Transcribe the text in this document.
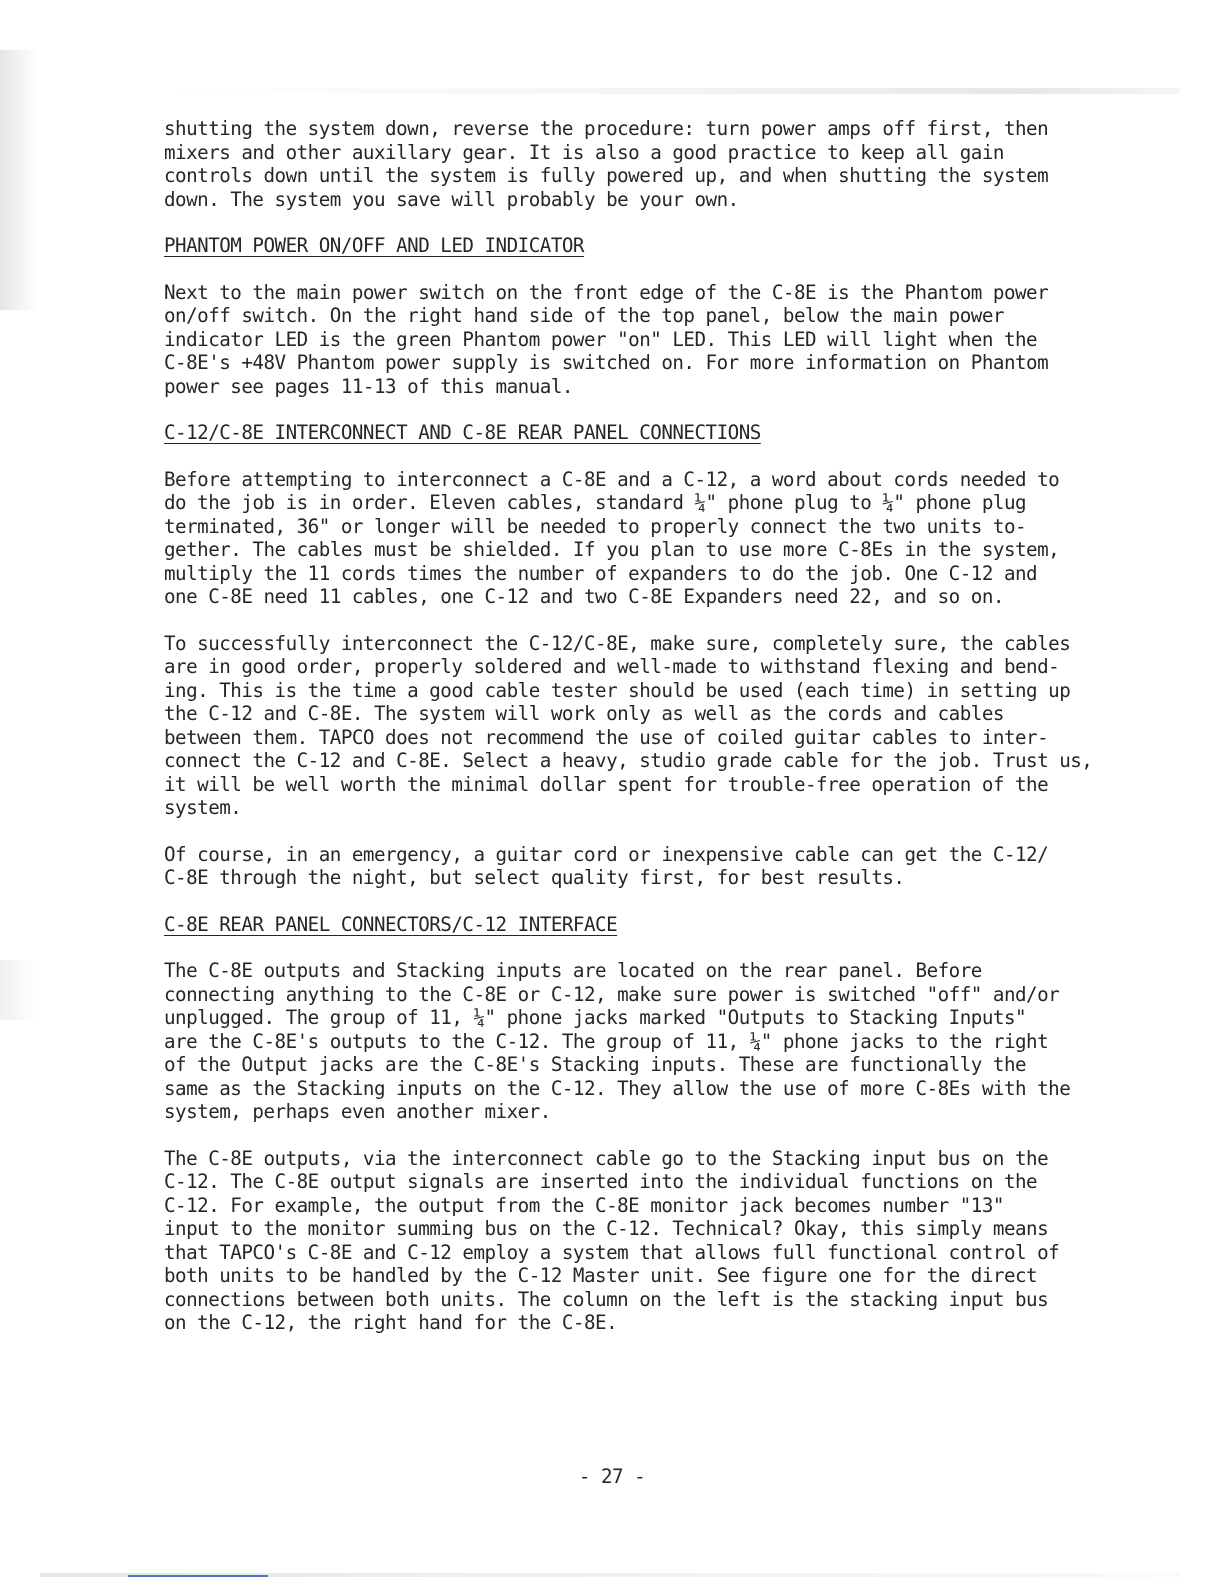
shutting the system down, reverse the procedure: turn power amps off first, then
mixers and other auxillary gear. It is also a good practice to keep all gain
controls down until the system is fully powered up, and when shutting the system
down. The system you save will probably be your own.

PHANTOM POWER ON/OFF AND LED INDICATOR

Next to the main power switch on the front edge of the C-8E is the Phantom power
on/off switch. On the right hand side of the top panel, below the main power
indicator LED is the green Phantom power "on" LED. This LED will light when the
C-8E's +48V Phantom power supply is switched on. For more information on Phantom
power see pages 11-13 of this manual.

C-12/C-8E INTERCONNECT AND C-8E REAR PANEL CONNECTIONS

Before attempting to interconnect a C-8E and a C-12, a word about cords needed to
do the job is in order. Eleven cables, standard ¼" phone plug to ¼" phone plug
terminated, 36" or longer will be needed to properly connect the two units to-
gether. The cables must be shielded. If you plan to use more C-8Es in the system,
multiply the 11 cords times the number of expanders to do the job. One C-12 and
one C-8E need 11 cables, one C-12 and two C-8E Expanders need 22, and so on.

To successfully interconnect the C-12/C-8E, make sure, completely sure, the cables
are in good order, properly soldered and well-made to withstand flexing and bend-
ing. This is the time a good cable tester should be used (each time) in setting up
the C-12 and C-8E. The system will work only as well as the cords and cables
between them. TAPCO does not recommend the use of coiled guitar cables to inter-
connect the C-12 and C-8E. Select a heavy, studio grade cable for the job. Trust us,
it will be well worth the minimal dollar spent for trouble-free operation of the
system.

Of course, in an emergency, a guitar cord or inexpensive cable can get the C-12/
C-8E through the night, but select quality first, for best results.

C-8E REAR PANEL CONNECTORS/C-12 INTERFACE

The C-8E outputs and Stacking inputs are located on the rear panel. Before
connecting anything to the C-8E or C-12, make sure power is switched "off" and/or
unplugged. The group of 11, ¼" phone jacks marked "Outputs to Stacking Inputs"
are the C-8E's outputs to the C-12. The group of 11, ¼" phone jacks to the right
of the Output jacks are the C-8E's Stacking inputs. These are functionally the
same as the Stacking inputs on the C-12. They allow the use of more C-8Es with the
system, perhaps even another mixer.

The C-8E outputs, via the interconnect cable go to the Stacking input bus on the
C-12. The C-8E output signals are inserted into the individual functions on the
C-12. For example, the output from the C-8E monitor jack becomes number "13"
input to the monitor summing bus on the C-12. Technical? Okay, this simply means
that TAPCO's C-8E and C-12 employ a system that allows full functional control of
both units to be handled by the C-12 Master unit. See figure one for the direct
connections between both units. The column on the left is the stacking input bus
on the C-12, the right hand for the C-8E.

- 27 -
